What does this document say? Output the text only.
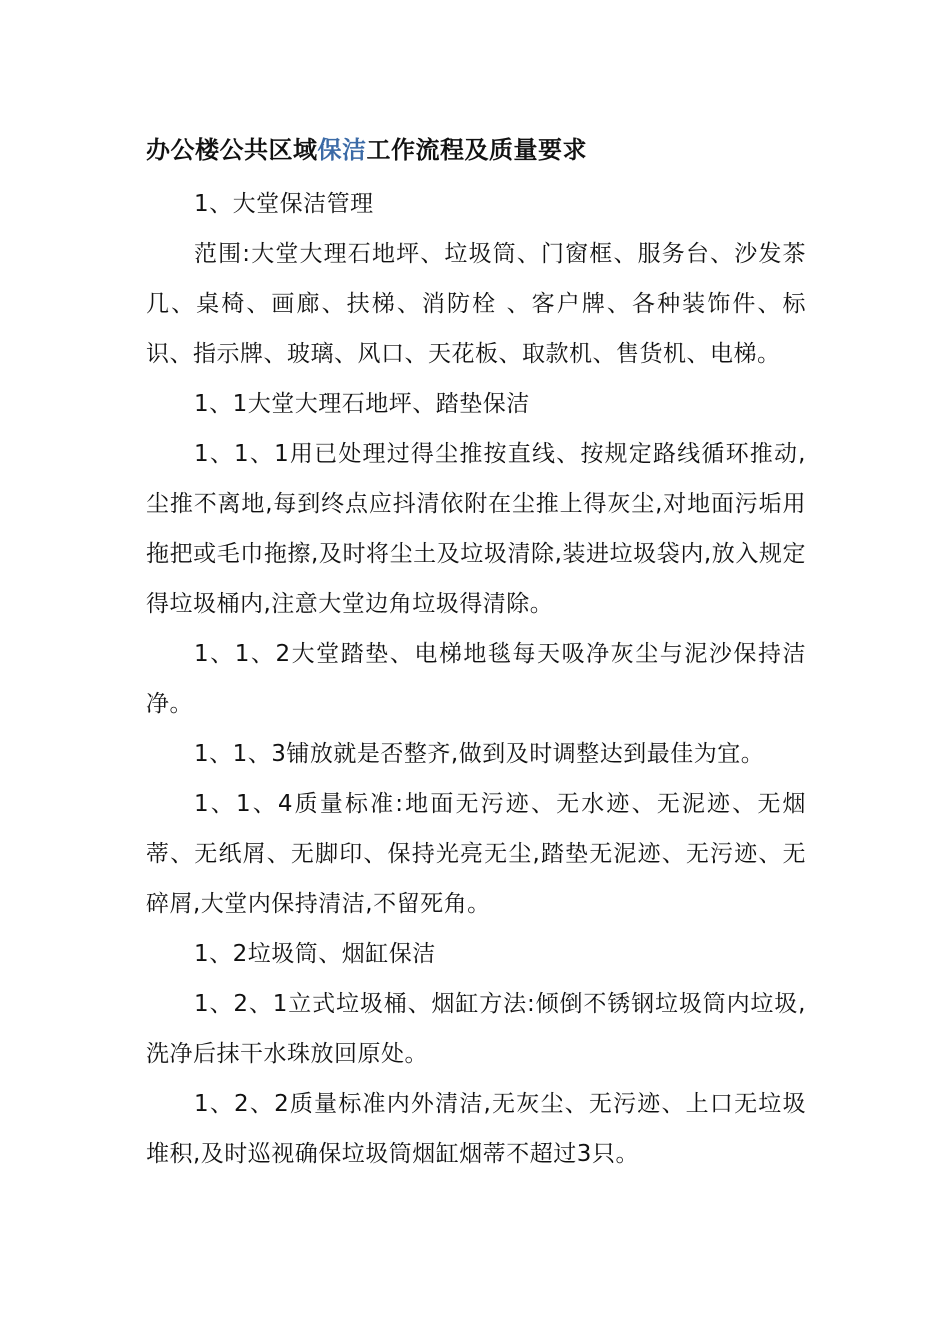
办公楼公共区域保洁工作流程及质量要求

1、大堂保洁管理

范围:大堂大理石地坪、垃圾筒、门窗框、服务台、沙发茶几、桌椅、画廊、扶梯、消防栓 、客户牌、各种装饰件、标识、指示牌、玻璃、风口、天花板、取款机、售货机、电梯。

1、1大堂大理石地坪、踏垫保洁

1、1、1用已处理过得尘推按直线、按规定路线循环推动,尘推不离地,每到终点应抖清依附在尘推上得灰尘,对地面污垢用拖把或毛巾拖擦,及时将尘土及垃圾清除,装进垃圾袋内,放入规定得垃圾桶内,注意大堂边角垃圾得清除。

1、1、2大堂踏垫、电梯地毯每天吸净灰尘与泥沙保持洁净。

1、1、3铺放就是否整齐,做到及时调整达到最佳为宜。

1、1、4质量标准:地面无污迹、无水迹、无泥迹、无烟蒂、无纸屑、无脚印、保持光亮无尘,踏垫无泥迹、无污迹、无碎屑,大堂内保持清洁,不留死角。

1、2垃圾筒、烟缸保洁

1、2、1立式垃圾桶、烟缸方法:倾倒不锈钢垃圾筒内垃圾,洗净后抹干水珠放回原处。

1、2、2质量标准内外清洁,无灰尘、无污迹、上口无垃圾堆积,及时巡视确保垃圾筒烟缸烟蒂不超过3只。
